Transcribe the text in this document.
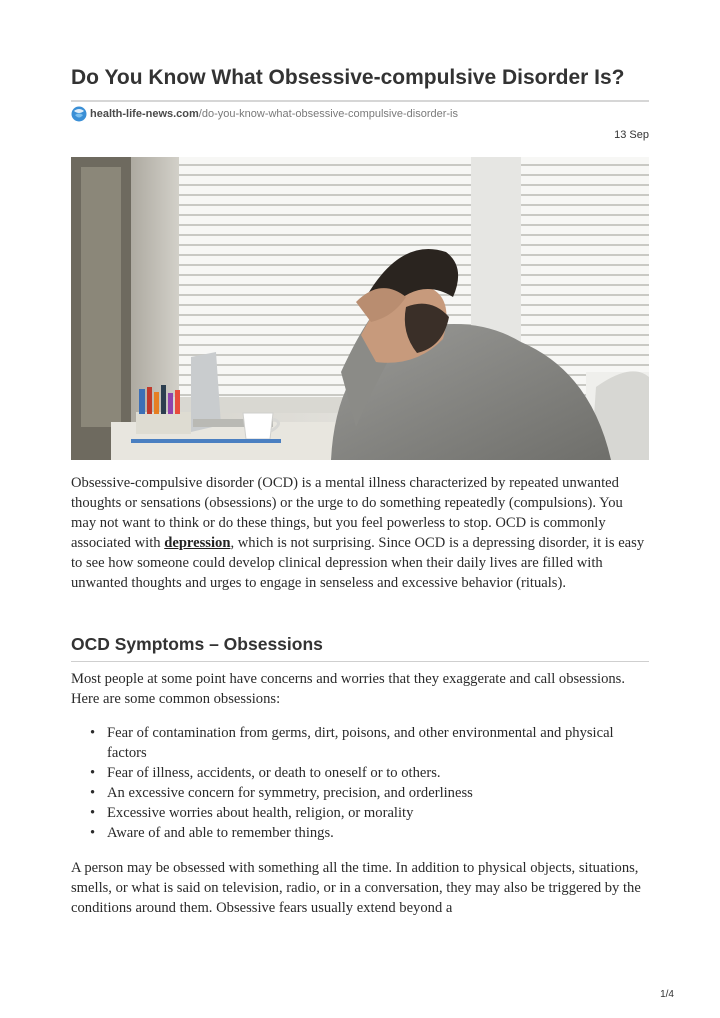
Do You Know What Obsessive-compulsive Disorder Is?
health-life-news.com /do-you-know-what-obsessive-compulsive-disorder-is
13 Sep

Obsessive-compulsive disorder (OCD) is a mental illness characterized by repeated unwanted thoughts or sensations (obsessions) or the urge to do something repeatedly (compulsions). You may not want to think or do these things, but you feel powerless to stop. OCD is commonly associated with depression, which is not surprising. Since OCD is a depressing disorder, it is easy to see how someone could develop clinical depression when their daily lives are filled with unwanted thoughts and urges to engage in senseless and excessive behavior (rituals).

OCD Symptoms – Obsessions

Most people at some point have concerns and worries that they exaggerate and call obsessions. Here are some common obsessions:

• Fear of contamination from germs, dirt, poisons, and other environmental and physical factors
• Fear of illness, accidents, or death to oneself or to others.
• An excessive concern for symmetry, precision, and orderliness
• Excessive worries about health, religion, or morality
• Aware of and able to remember things.

A person may be obsessed with something all the time. In addition to physical objects, situations, smells, or what is said on television, radio, or in a conversation, they may also be triggered by the conditions around them. Obsessive fears usually extend beyond a

1/4
